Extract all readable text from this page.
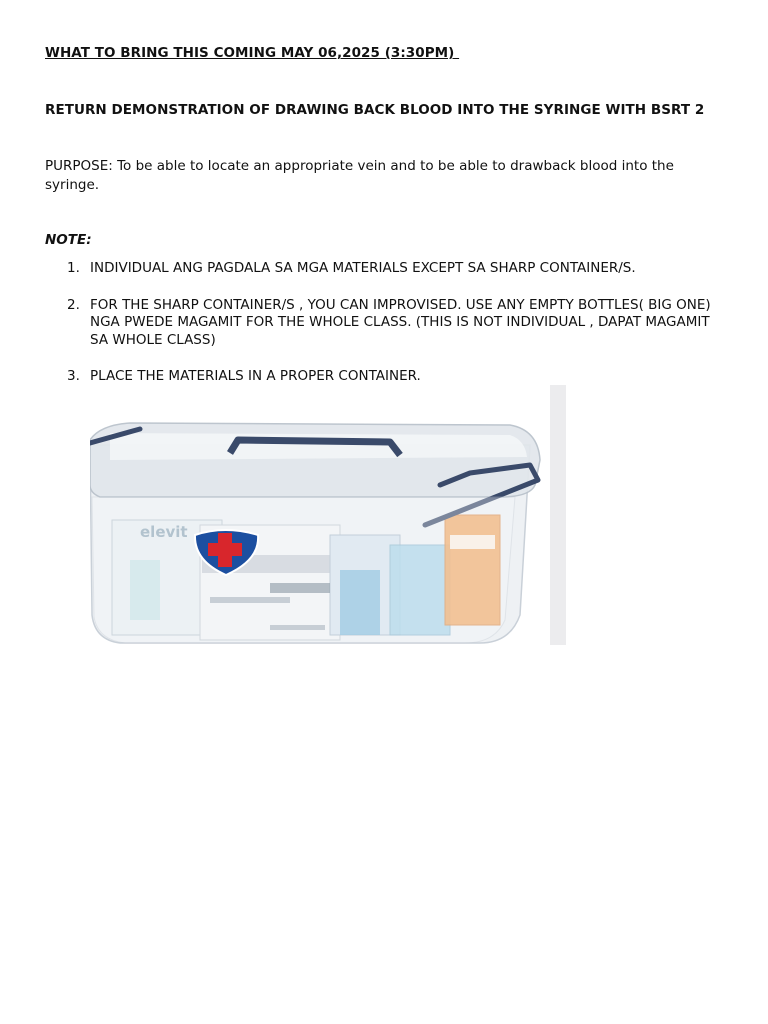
WHAT TO BRING THIS COMING MAY 06,2025 (3:30PM)
RETURN DEMONSTRATION OF DRAWING BACK BLOOD INTO THE SYRINGE WITH BSRT 2
PURPOSE: To be able to locate an appropriate vein and to be able to drawback blood into the syringe.
NOTE:
1. INDIVIDUAL ANG PAGDALA SA MGA MATERIALS EXCEPT SA SHARP CONTAINER/S.
2. FOR THE SHARP CONTAINER/S , YOU CAN IMPROVISED. USE ANY EMPTY BOTTLES( BIG ONE) NGA PWEDE MAGAMIT FOR THE WHOLE CLASS. (THIS IS NOT INDIVIDUAL , DAPAT MAGAMIT SA WHOLE CLASS)
3. PLACE THE MATERIALS IN A PROPER CONTAINER.
elevit
